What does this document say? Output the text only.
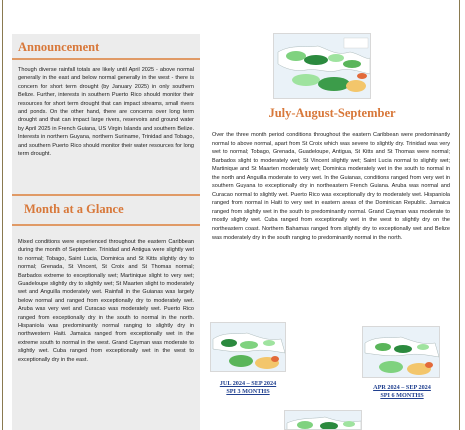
Announcement
Though diverse rainfall totals are likely until April 2025 - above normal generally in the east and below normal generally in the west - there is concern for short term drought (by January 2025) in only southern Belize. Further, interests in southern Puerto Rico should monitor their resources for short term drought that can impact streams, small rivers and ponds. On the other hand, there are concerns over long term drought and that can impact large rivers, reservoirs and ground water by April 2025 in French Guiana, US Virgin Islands and southern Belize. Interests in northern Guyana, northern Suriname, Trinidad and Tobago, and southern Puerto Rico should monitor their water resources for long term drought.
Month at a Glance
Mixed conditions were experienced throughout the eastern Caribbean during the month of September. Trinidad and Antigua were slightly wet to normal; Tobago, Saint Lucia, Dominica and St Kitts slightly dry to normal; Grenada, St Vincent, St Croix and St Thomas normal; Barbados extreme to exceptionally wet; Martinique slight to very wet; Guadeloupe slightly dry to slightly wet; St Maarten slight to moderately wet and Anguilla moderately wet. Rainfall in the Guianas was largely below normal and ranged from exceptionally dry to moderately wet. Aruba was very wet and Curacao was moderately wet. Puerto Rico ranged from exceptionally dry in the south to normal in the north. Hispaniola was predominantly normal ranging to slightly dry in northwestern Haiti. Jamaica ranged from exceptionally wet in the extreme south to normal in the west. Grand Cayman was moderate to slightly wet. Cuba ranged from exceptionally wet in the west to exceptionally dry in the east.
July-August-September
Over the three month period conditions throughout the eastern Caribbean were predominantly normal to above normal, apart from St Croix which was severe to slightly dry. Trinidad was very wet to normal; Tobago, Grenada, Guadeloupe, Antigua, St Kitts and St Thomas were normal; Barbados slight to moderately wet; St Vincent slightly wet; Saint Lucia normal to slightly wet; Martinique and St Maarten moderately wet; Dominica moderately wet in the south to normal in the north and Anguilla moderate to very wet. In the Guianas, conditions ranged from very wet in southern Guyana to exceptionally dry in northeastern French Guiana. Aruba was normal and Curacao normal to slightly wet. Puerto Rico was exceptionally dry to moderately wet. Hispaniola ranged from normal in Haiti to very wet in eastern areas of the Dominican Republic. Jamaica ranged from slightly wet in the south to predominantly normal. Grand Cayman was moderate to mostly slightly wet. Cuba ranged from exceptionally wet in the west to slightly dry on the northeastern coast. Northern Bahamas ranged from slightly dry to exceptionally wet and Belize was moderately dry in the south ranging to predominantly normal in the north.
JUL 2024 – SEP 2024
SPI 3 MONTHS	APR 2024 – SEP 2024
SPI 6 MONTHS
